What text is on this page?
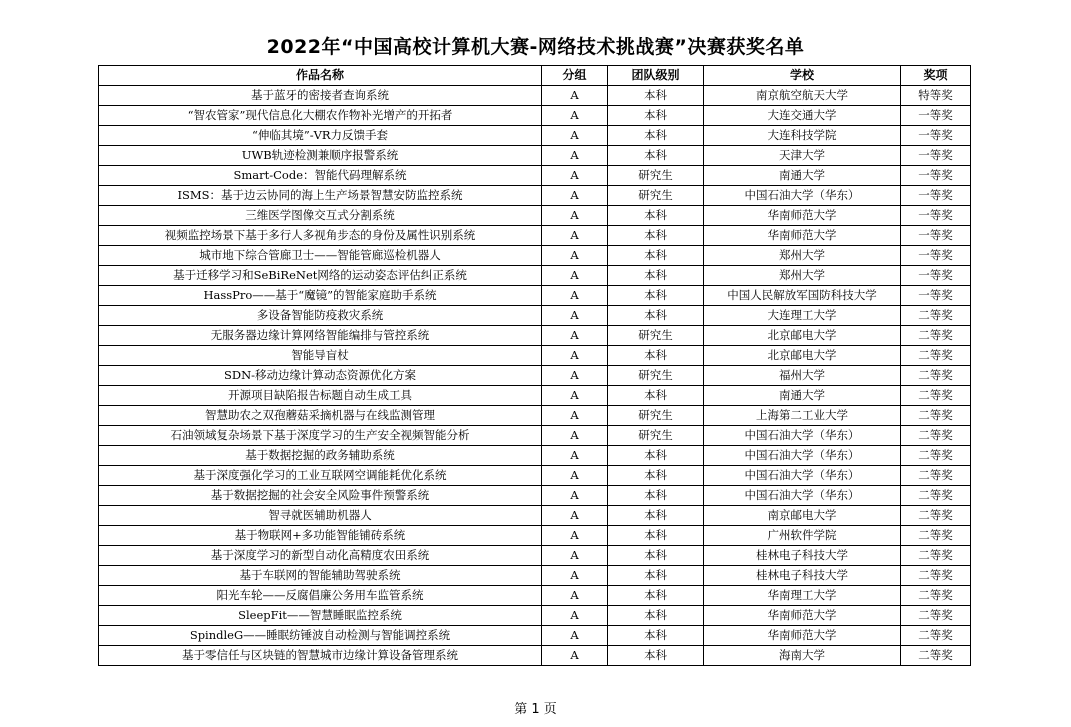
2022年“中国高校计算机大赛-网络技术挑战赛”决赛获奖名单
作品名称	分组	团队级别	学校	奖项
基于蓝牙的密接者查询系统	A	本科	南京航空航天大学	特等奖
“智农管家”现代信息化大棚农作物补光增产的开拓者	A	本科	大连交通大学	一等奖
“伸临其境”-VR力反馈手套	A	本科	大连科技学院	一等奖
UWB轨迹检测兼顺序报警系统	A	本科	天津大学	一等奖
Smart-Code：智能代码理解系统	A	研究生	南通大学	一等奖
ISMS：基于边云协同的海上生产场景智慧安防监控系统	A	研究生	中国石油大学（华东）	一等奖
三维医学图像交互式分割系统	A	本科	华南师范大学	一等奖
视频监控场景下基于多行人多视角步态的身份及属性识别系统	A	本科	华南师范大学	一等奖
城市地下综合管廊卫士——智能管廊巡检机器人	A	本科	郑州大学	一等奖
基于迁移学习和SeBiReNet网络的运动姿态评估纠正系统	A	本科	郑州大学	一等奖
HassPro——基于“魔镜”的智能家庭助手系统	A	本科	中国人民解放军国防科技大学	一等奖
多设备智能防疫救灾系统	A	本科	大连理工大学	二等奖
无服务器边缘计算网络智能编排与管控系统	A	研究生	北京邮电大学	二等奖
智能导盲杖	A	本科	北京邮电大学	二等奖
SDN-移动边缘计算动态资源优化方案	A	研究生	福州大学	二等奖
开源项目缺陷报告标题自动生成工具	A	本科	南通大学	二等奖
智慧助农之双孢蘑菇采摘机器与在线监测管理	A	研究生	上海第二工业大学	二等奖
石油领域复杂场景下基于深度学习的生产安全视频智能分析	A	研究生	中国石油大学（华东）	二等奖
基于数据挖掘的政务辅助系统	A	本科	中国石油大学（华东）	二等奖
基于深度强化学习的工业互联网空调能耗优化系统	A	本科	中国石油大学（华东）	二等奖
基于数据挖掘的社会安全风险事件预警系统	A	本科	中国石油大学（华东）	二等奖
智寻就医辅助机器人	A	本科	南京邮电大学	二等奖
基于物联网+多功能智能铺砖系统	A	本科	广州软件学院	二等奖
基于深度学习的新型自动化高精度农田系统	A	本科	桂林电子科技大学	二等奖
基于车联网的智能辅助驾驶系统	A	本科	桂林电子科技大学	二等奖
阳光车轮——反腐倡廉公务用车监管系统	A	本科	华南理工大学	二等奖
SleepFit——智慧睡眠监控系统	A	本科	华南师范大学	二等奖
SpindleG——睡眠纺锤波自动检测与智能调控系统	A	本科	华南师范大学	二等奖
基于零信任与区块链的智慧城市边缘计算设备管理系统	A	本科	海南大学	二等奖
第 1 页
